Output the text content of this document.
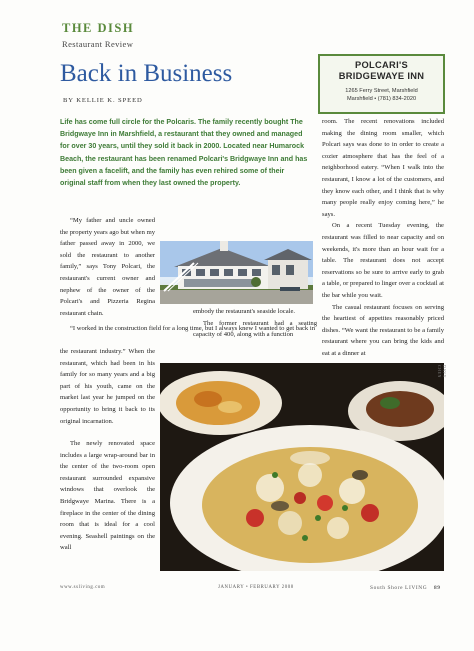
THE DISH
Restaurant Review
Back in Business
BY KELLIE K. SPEED
POLCARI'S
BRIDGEWAYE INN
1265 Ferry Street, Marshfield
Marshfield • (781) 834-2020
Life has come full circle for the Polcaris. The family recently bought The Bridgwaye Inn in Marshfield, a restaurant that they owned and managed for over 30 years, until they sold it back in 2000. Located near Humarock Beach, the restaurant has been renamed Polcari's Bridgwaye Inn and has been given a facelift, and the family has even rehired some of their original staff from when they last owned the property.

“My father and uncle owned the property years ago but when my father passed away in 2000, we sold the restaurant to another family,” says Tony Polcari, the restaurant's current owner and nephew of the owner of the Polcari's and Pizzeria Regina restaurant chain.

“I worked in the construction field for a long time, but I always knew I wanted to get back in

embody the restaurant's seaside locale.

The former restaurant had a seating capacity of 400, along with a function

the restaurant industry.” When the restaurant, which had been in his family for so many years and a big part of his youth, came on the market last year he jumped on the opportunity to bring it back to its original incarnation.

The newly renovated space includes a large wrap-around bar in the center of the two-room open restaurant surrounded expansive windows that overlook the Bridgwaye Marina. There is a fireplace in the center of the dining room that is ideal for a cool evening. Seashell paintings on the wall

room. The recent renovations included making the dining room smaller, which Polcari says was done to in order to create a cozier atmosphere that has the feel of a neighborhood eatery. “When I walk into the restaurant, I know a lot of the customers, and they know each other, and I think that is why many people really enjoy coming here,” he says.

On a recent Tuesday evening, the restaurant was filled to near capacity and on weekends, it's more than an hour wait for a table. The restaurant does not accept reservations so be sure to arrive early to grab a table, or prepared to linger over a cocktail at the bar while you wait.

The casual restaurant focuses on serving the heartiest of appetites reasonably priced dishes. “We want the restaurant to be a family restaurant where you can bring the kids and eat at a dinner at

DAVY CHEN
www.ssliving.com	JANUARY • FEBRUARY 2008	South Shore LIVING 89
